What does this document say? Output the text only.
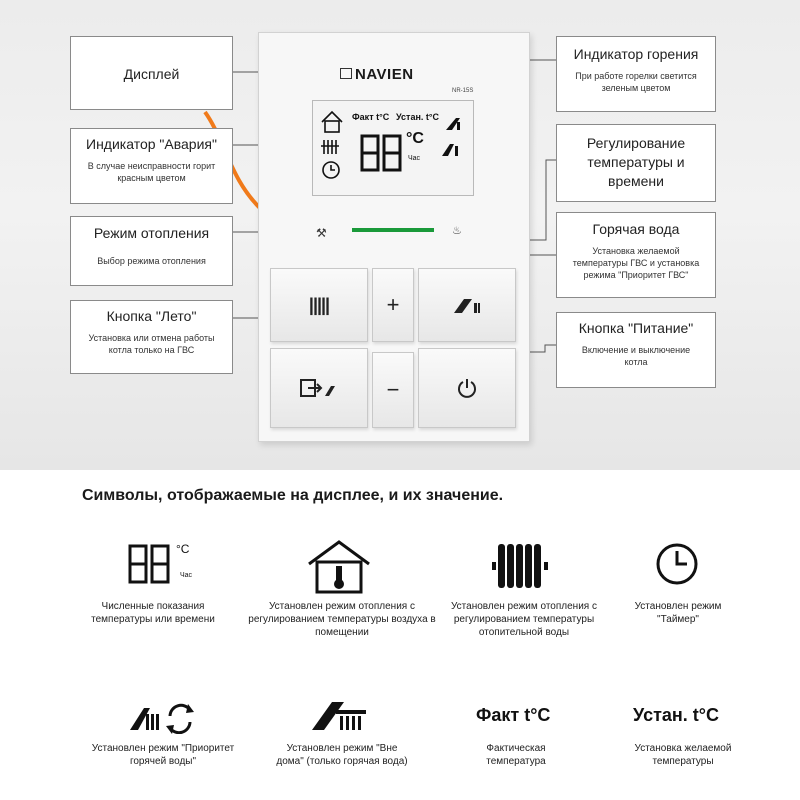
Дисплей
Индикатор "Авария"
В случае неисправности горит красным цветом
Режим отопления
Выбор режима отопления
Кнопка "Лето"
Установка или отмена работы котла только на ГВС
Индикатор горения
При работе горелки светится зеленым цветом
Регулирование температуры и времени
Горячая вода
Установка желаемой температуры ГВС и установка режима "Приоритет ГВС"
Кнопка "Питание"
Включение и выключение котла
NAVIEN
NR-15S
Факт t°C Устан. t°C
°C
Час
⚒	♨
|||||	+
−
Символы, отображаемые на дисплее, и их значение.
°C
Час
Численные показания температуры или времени
Установлен режим отопления с регулированием температуры воздуха в помещении
Установлен режим отопления с регулированием температуры отопительной воды
Установлен режим "Таймер"
Факт t°C	Устан. t°C
Установлен режим "Приоритет горячей воды"
Установлен режим "Вне дома" (только горячая вода)
Фактическая температура
Установка желаемой температуры
